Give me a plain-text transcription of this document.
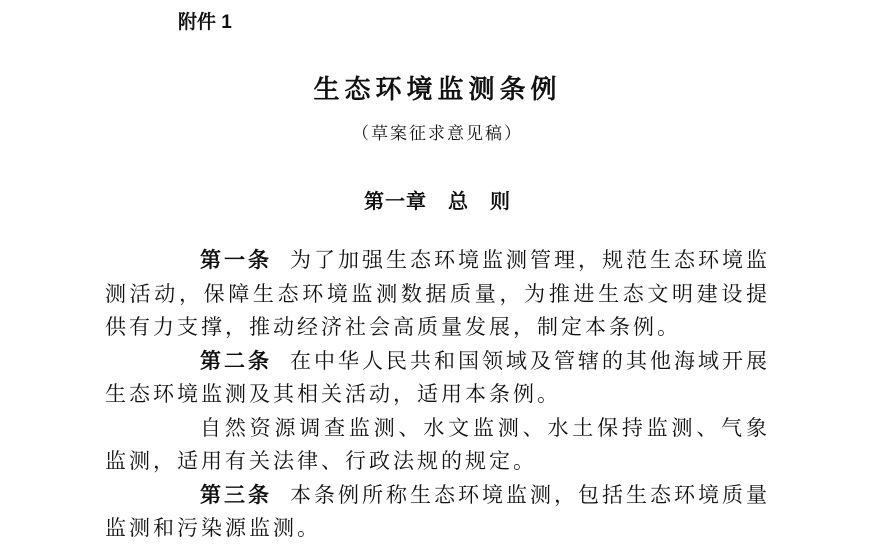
附件 1
生态环境监测条例
（草案征求意见稿）
第一章　总　则

第一条 为了加强生态环境监测管理，规范生态环境监测活动，保障生态环境监测数据质量，为推进生态文明建设提供有力支撑，推动经济社会高质量发展，制定本条例。

第二条 在中华人民共和国领域及管辖的其他海域开展生态环境监测及其相关活动，适用本条例。

自然资源调查监测、水文监测、水土保持监测、气象监测，适用有关法律、行政法规的规定。

第三条 本条例所称生态环境监测，包括生态环境质量监测和污染源监测。
